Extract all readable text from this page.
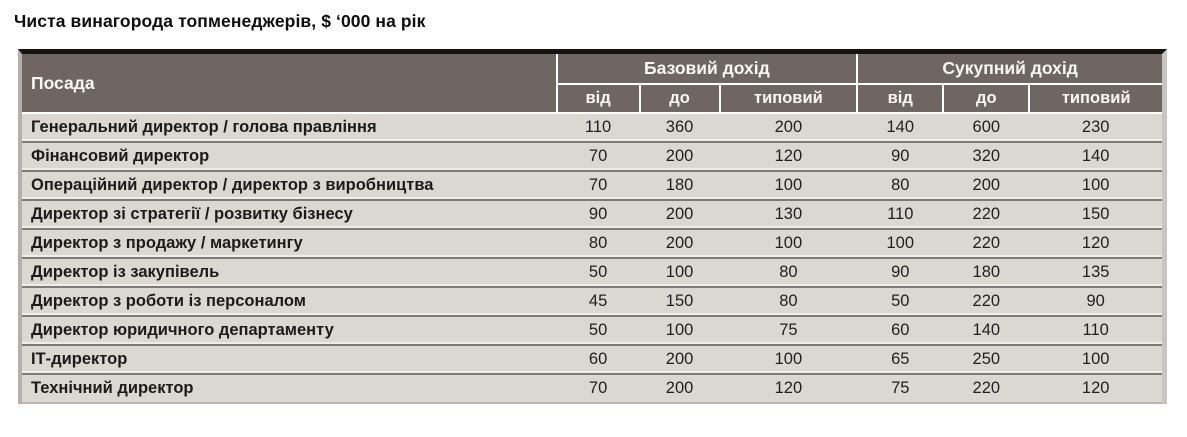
Чиста винагорода топменеджерів, $ ‘000 на рік
Посада	Базовий дохід			Сукупний дохід		
	від	до	типовий	від	до	типовий
Генеральний директор / голова правління	110	360	200	140	600	230
Фінансовий директор	70	200	120	90	320	140
Операційний директор / директор з виробництва	70	180	100	80	200	100
Директор зі стратегії / розвитку бізнесу	90	200	130	110	220	150
Директор з продажу / маркетингу	80	200	100	100	220	120
Директор із закупівель	50	100	80	90	180	135
Директор з роботи із персоналом	45	150	80	50	220	90
Директор юридичного департаменту	50	100	75	60	140	110
ІТ-директор	60	200	100	65	250	100
Технічний директор	70	200	120	75	220	120
